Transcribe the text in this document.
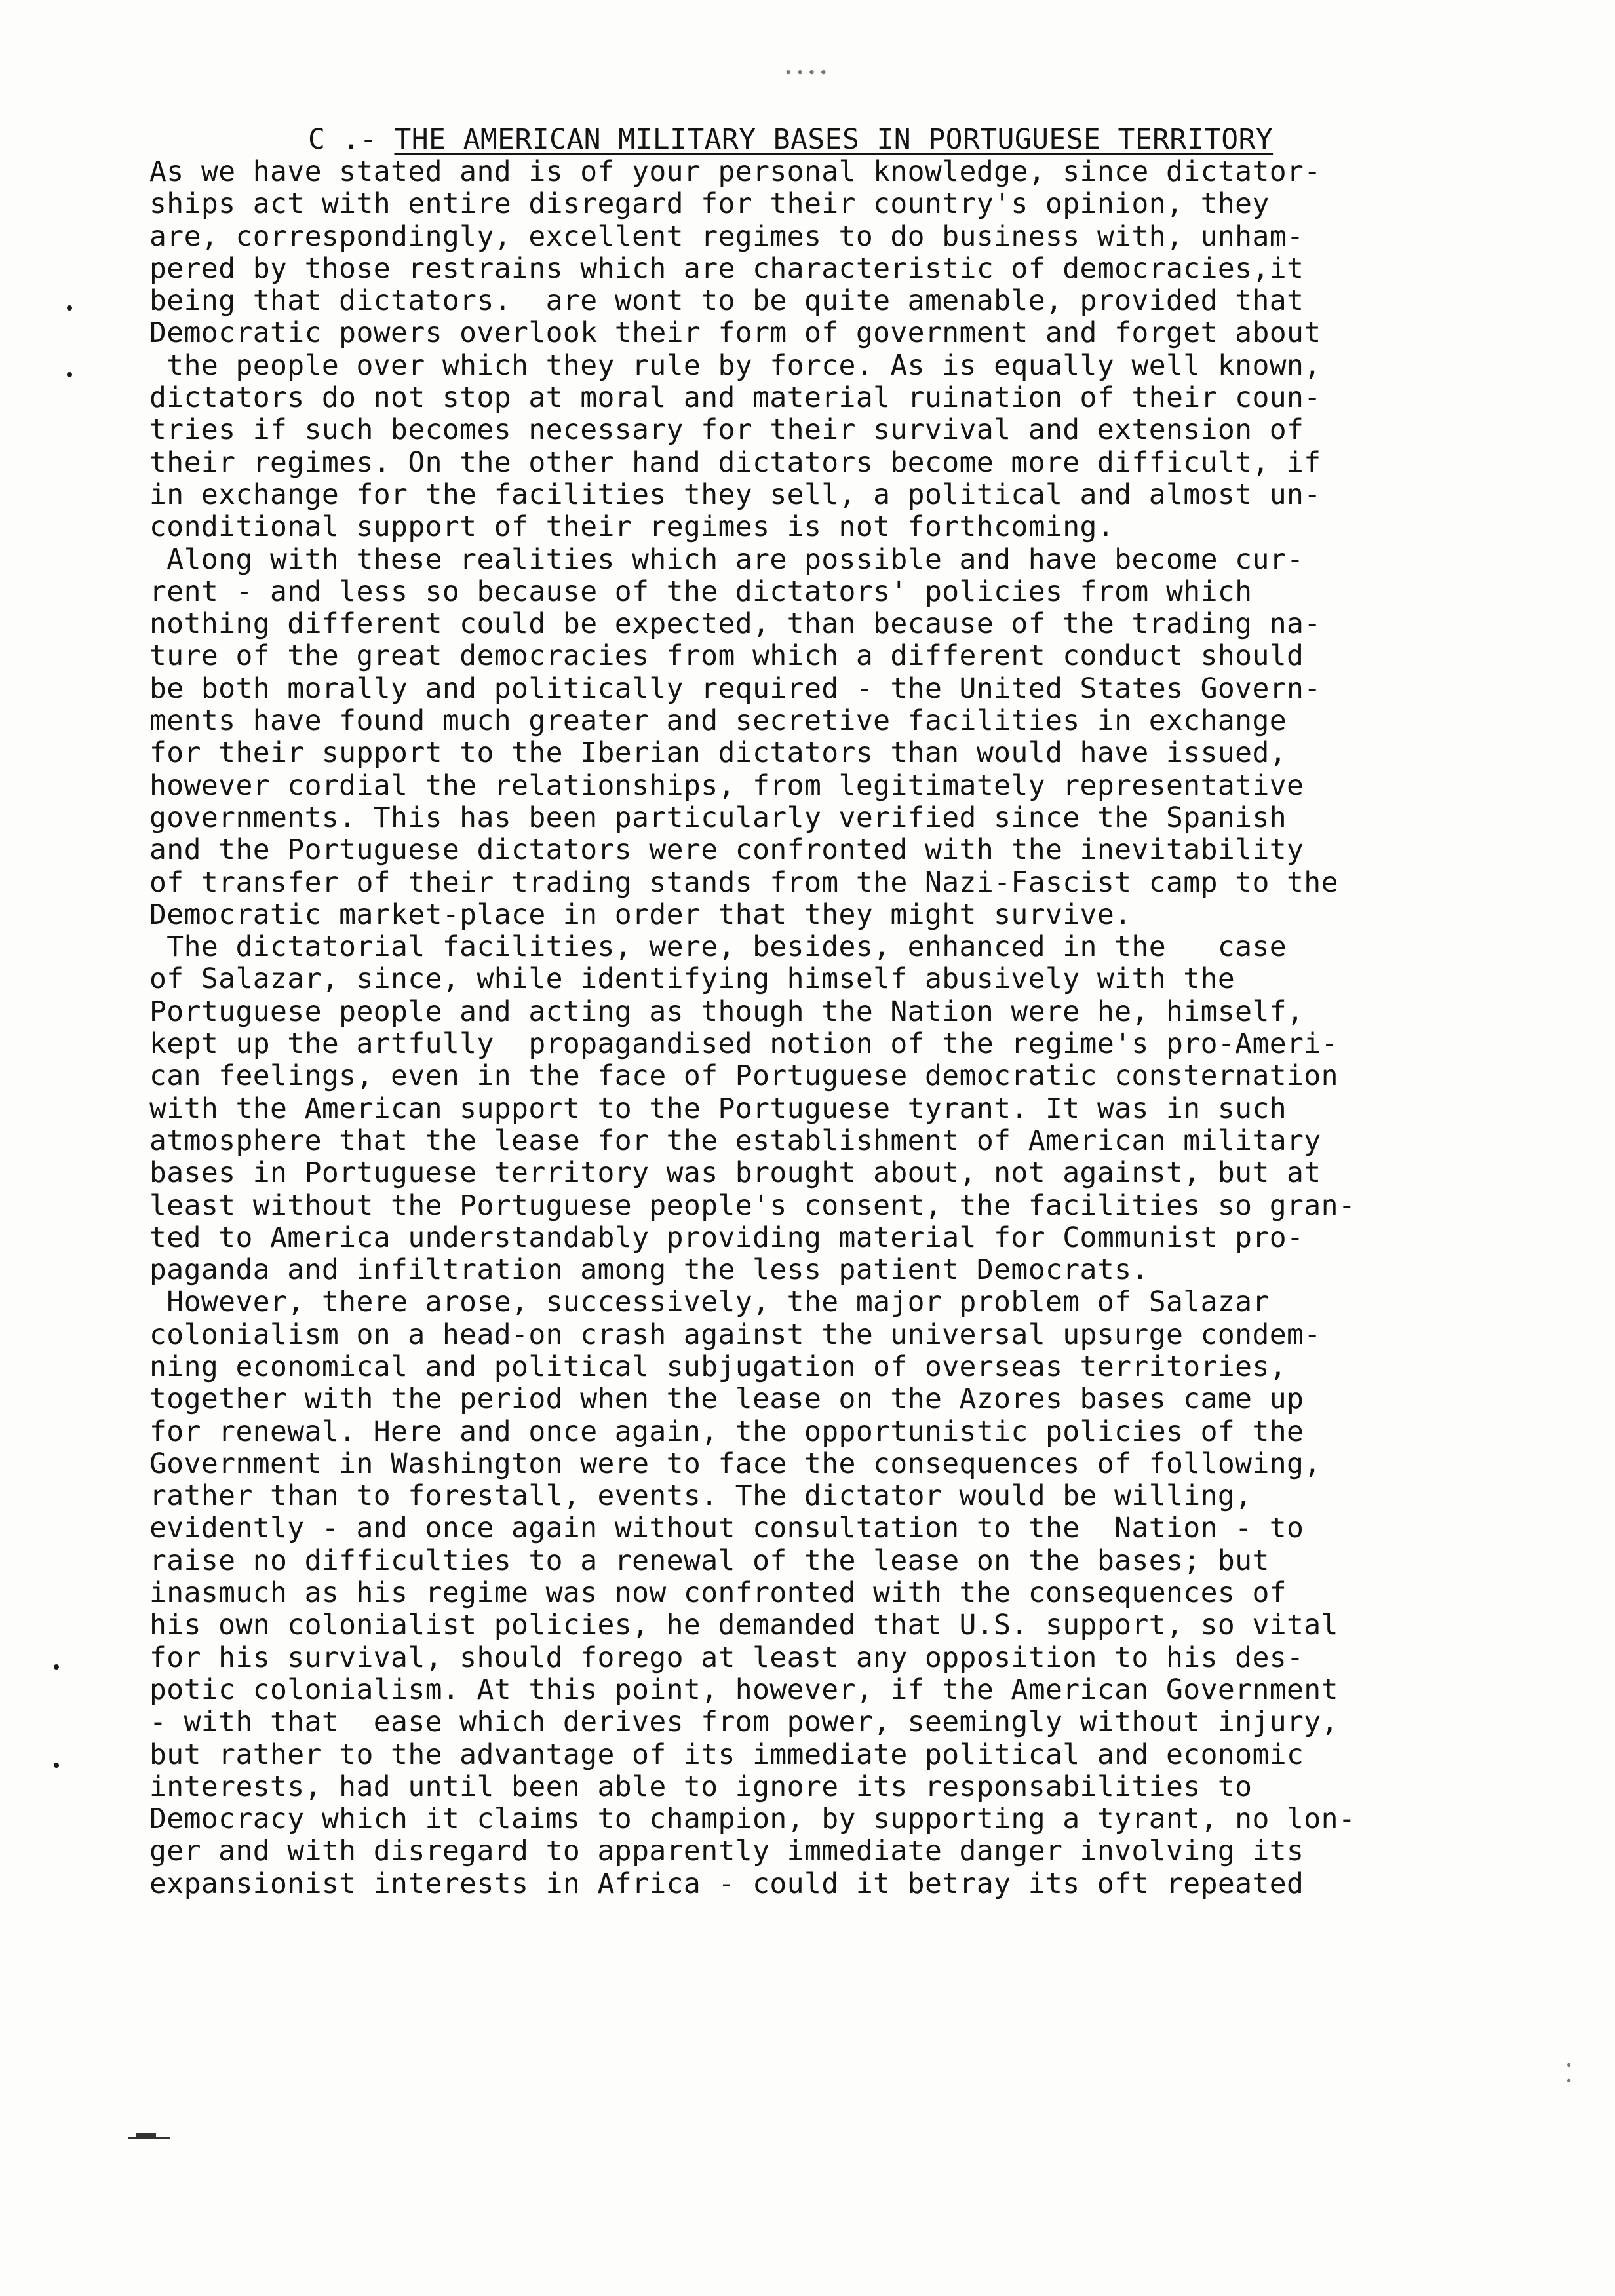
∙∙∙∙
C .- THE AMERICAN MILITARY BASES IN PORTUGUESE TERRITORY
As we have stated and is of your personal knowledge, since dictator-
ships act with entire disregard for their country's opinion, they
are, correspondingly, excellent regimes to do business with, unham-
pered by those restrains which are characteristic of democracies,it
being that dictators.  are wont to be quite amenable, provided that
Democratic powers overlook their form of government and forget about
the people over which they rule by force. As is equally well known,
dictators do not stop at moral and material ruination of their coun-
tries if such becomes necessary for their survival and extension of
their regimes. On the other hand dictators become more difficult, if
in exchange for the facilities they sell, a political and almost un-
conditional support of their regimes is not forthcoming.
Along with these realities which are possible and have become cur-
rent - and less so because of the dictators' policies from which
nothing different could be expected, than because of the trading na-
ture of the great democracies from which a different conduct should
be both morally and politically required - the United States Govern-
ments have found much greater and secretive facilities in exchange
for their support to the Iberian dictators than would have issued,
however cordial the relationships, from legitimately representative
governments. This has been particularly verified since the Spanish
and the Portuguese dictators were confronted with the inevitability
of transfer of their trading stands from the Nazi-Fascist camp to the
Democratic market-place in order that they might survive.
The dictatorial facilities, were, besides, enhanced in the   case
of Salazar, since, while identifying himself abusively with the
Portuguese people and acting as though the Nation were he, himself,
kept up the artfully  propagandised notion of the regime's pro-Ameri-
can feelings, even in the face of Portuguese democratic consternation
with the American support to the Portuguese tyrant. It was in such
atmosphere that the lease for the establishment of American military
bases in Portuguese territory was brought about, not against, but at
least without the Portuguese people's consent, the facilities so gran-
ted to America understandably providing material for Communist pro-
paganda and infiltration among the less patient Democrats.
However, there arose, successively, the major problem of Salazar
colonialism on a head-on crash against the universal upsurge condem-
ning economical and political subjugation of overseas territories,
together with the period when the lease on the Azores bases came up
for renewal. Here and once again, the opportunistic policies of the
Government in Washington were to face the consequences of following,
rather than to forestall, events. The dictator would be willing,
evidently - and once again without consultation to the  Nation - to
raise no difficulties to a renewal of the lease on the bases; but
inasmuch as his regime was now confronted with the consequences of
his own colonialist policies, he demanded that U.S. support, so vital
for his survival, should forego at least any opposition to his des-
potic colonialism. At this point, however, if the American Government
- with that  ease which derives from power, seemingly without injury,
but rather to the advantage of its immediate political and economic
interests, had until been able to ignore its responsabilities to
Democracy which it claims to champion, by supporting a tyrant, no lon-
ger and with disregard to apparently immediate danger involving its
expansionist interests in Africa - could it betray its oft repeated
∙
∙
